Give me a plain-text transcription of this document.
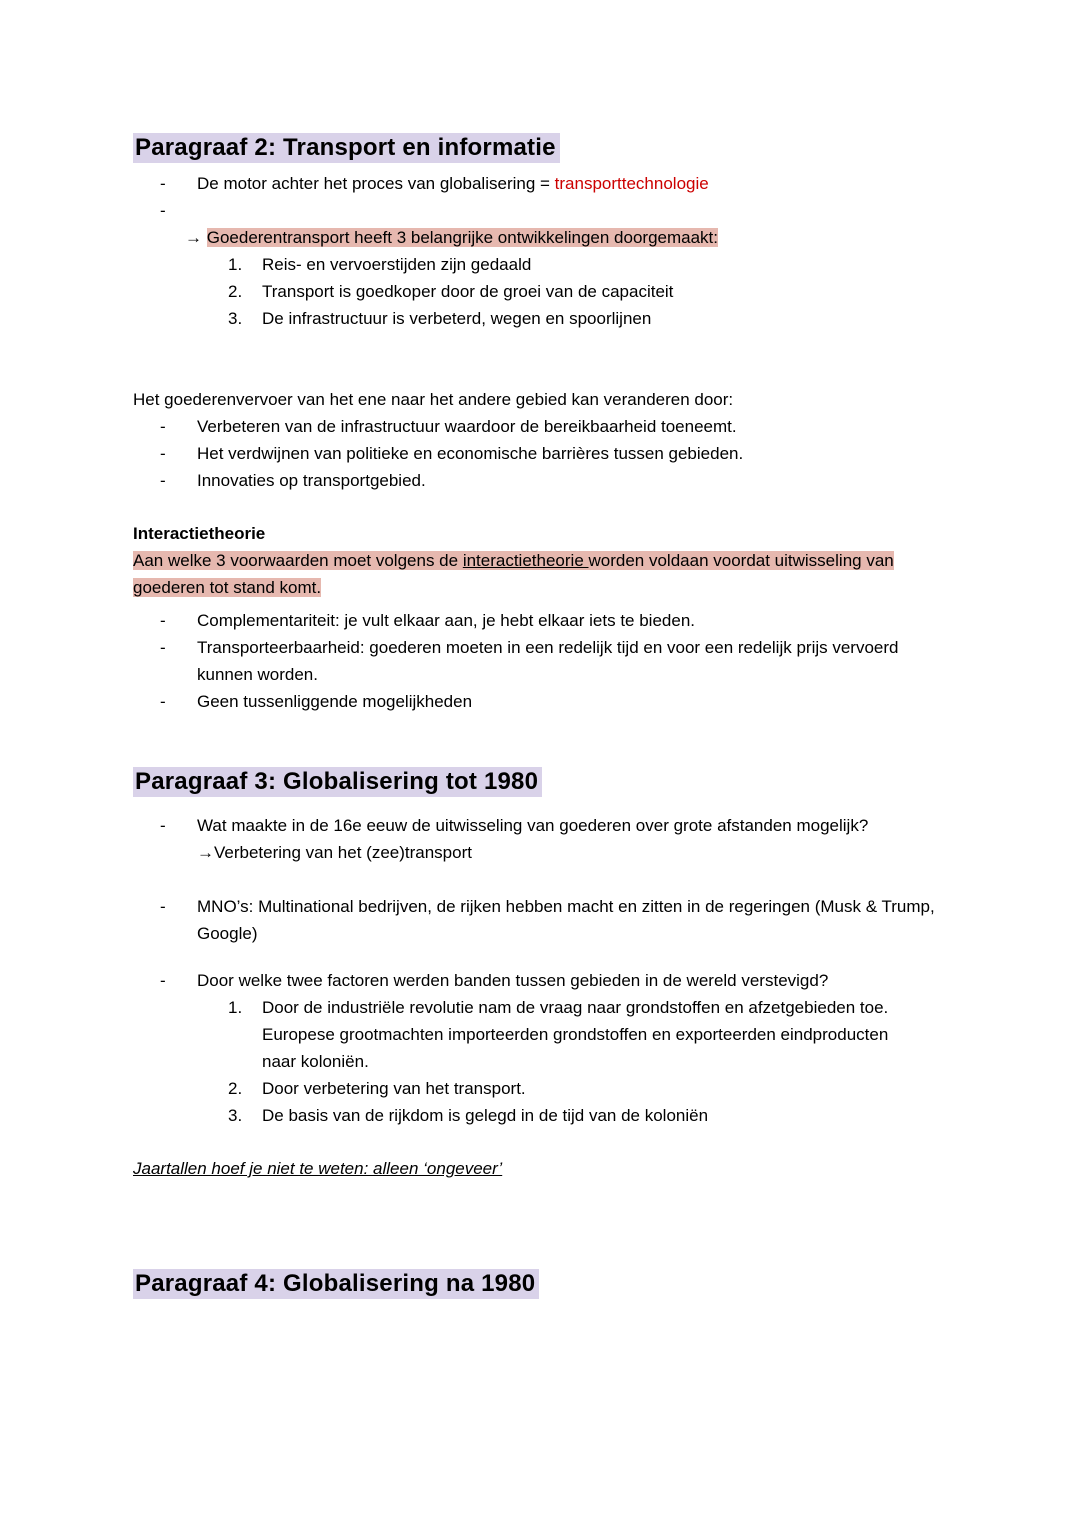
Paragraaf 2: Transport en informatie
-	De motor achter het proces van globalisering = transporttechnologie
-
→ Goederentransport heeft 3 belangrijke ontwikkelingen doorgemaakt:
1.	Reis- en vervoerstijden zijn gedaald
2.	Transport is goedkoper door de groei van de capaciteit
3.	De infrastructuur is verbeterd, wegen en spoorlijnen

Het goederenvervoer van het ene naar het andere gebied kan veranderen door:

-	Verbeteren van de infrastructuur waardoor de bereikbaarheid toeneemt.
-	Het verdwijnen van politieke en economische barrières tussen gebieden.
-	Innovaties op transportgebied.

Interactietheorie

Aan welke 3 voorwaarden moet volgens de interactietheorie worden voldaan voordat uitwisseling van goederen tot stand komt.

-	Complementariteit: je vult elkaar aan, je hebt elkaar iets te bieden.
-	Transporteerbaarheid: goederen moeten in een redelijk tijd en voor een redelijk prijs vervoerd kunnen worden.
-	Geen tussenliggende mogelijkheden
Paragraaf 3: Globalisering tot 1980
-	Wat maakte in de 16e eeuw de uitwisseling van goederen over grote afstanden mogelijk?
→Verbetering van het (zee)transport
-	MNO’s: Multinational bedrijven, de rijken hebben macht en zitten in de regeringen (Musk & Trump, Google)
-	Door welke twee factoren werden banden tussen gebieden in de wereld verstevigd?
1.	Door de industriële revolutie nam de vraag naar grondstoffen en afzetgebieden toe. Europese grootmachten importeerden grondstoffen en exporteerden eindproducten naar koloniën.
2.	Door verbetering van het transport.
3.	De basis van de rijkdom is gelegd in de tijd van de koloniën

Jaartallen hoef je niet te weten: alleen ‘ongeveer’

Paragraaf 4: Globalisering na 1980
